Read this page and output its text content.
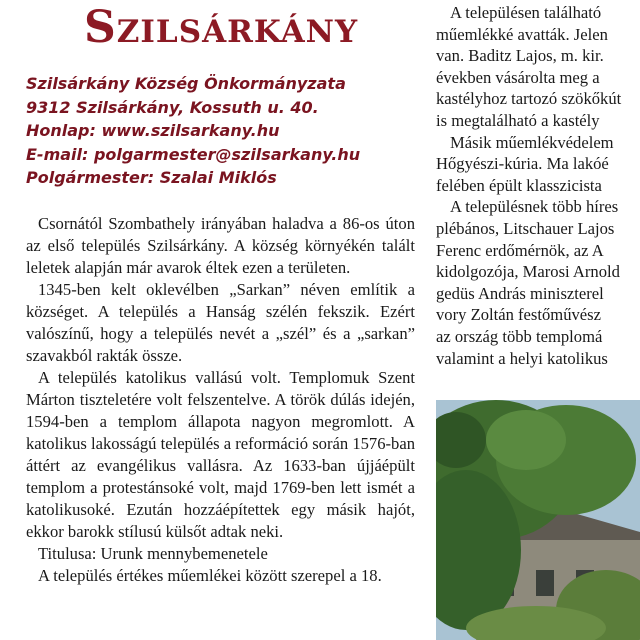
Szilsárkány
Szilsárkány Község Önkormányzata
9312 Szilsárkány, Kossuth u. 40.
Honlap: www.szilsarkany.hu
E-mail: polgarmester@szilsarkany.hu
Polgármester: Szalai Miklós

Csornától Szombathely irányában haladva a 86-os úton az első település Szilsárkány. A község környékén talált leletek alapján már avarok éltek ezen a területen.

1345-ben kelt oklevélben „Sarkan” néven említik a községet. A település a Hanság szélén fekszik. Ezért valószínű, hogy a település nevét a „szél” és a „sarkan” szavakból rakták össze.

A település katolikus vallású volt. Templomuk Szent Márton tiszteletére volt felszentelve. A török dúlás idején, 1594-ben a templom állapota nagyon megromlott. A katolikus lakosságú település a reformáció során 1576-ban áttért az evangélikus vallásra. Az 1633-ban újjáépült templom a protestánsoké volt, majd 1769-ben lett ismét a katolikusoké. Ezután hozzáépítettek egy másik hajót, ekkor barokk stílusú külsőt adtak neki.

Titulusa: Urunk mennybemenetele

A település értékes műemlékei között szerepel a 18.

A településen található
műemlékké avatták. Jelen
van. Baditz Lajos, m. kir.
években vásárolta meg a
kastélyhoz tartozó szökőkút
is megtalálható a kastély
Másik műemlékvédelem
Hőgyészi-kúria. Ma lakóé
felében épült klasszicista
A településnek több híres
plébános, Litschauer Lajos
Ferenc erdőmérnök, az A
kidolgozója, Marosi Arnold
gedüs András miniszterel
vory Zoltán festőművész
az ország több templomá
valamint a helyi katolikus
